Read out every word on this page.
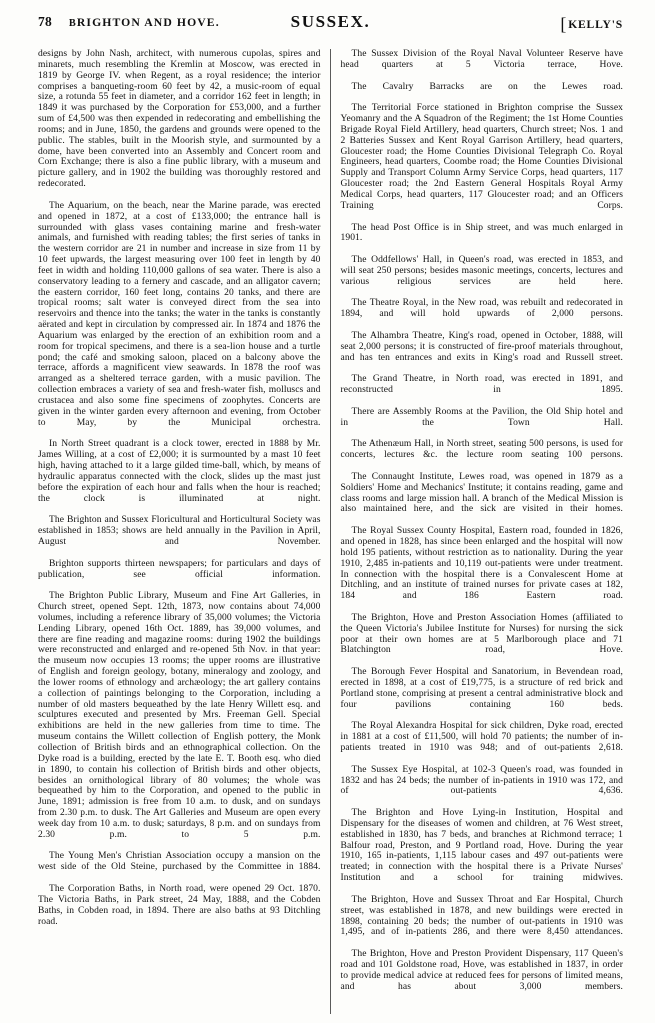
78 BRIGHTON AND HOVE.	SUSSEX.	[KELLY'S

designs by John Nash, architect, with numerous cupolas, spires and minarets, much resembling the Kremlin at Moscow, was erected in 1819 by George IV. when Regent, as a royal residence; the interior comprises a banqueting-room 60 feet by 42, a music-room of equal size, a rotunda 55 feet in diameter, and a corridor 162 feet in length; in 1849 it was purchased by the Corporation for £53,000, and a further sum of £4,500 was then expended in redecorating and embellishing the rooms; and in June, 1850, the gardens and grounds were opened to the public. The stables, built in the Moorish style, and surmounted by a dome, have been converted into an Assembly and Concert room and Corn Exchange; there is also a fine public library, with a museum and picture gallery, and in 1902 the building was thoroughly restored and redecorated.

The Aquarium, on the beach, near the Marine parade, was erected and opened in 1872, at a cost of £133,000; the entrance hall is surrounded with glass vases containing marine and fresh-water animals, and furnished with reading tables; the first series of tanks in the western corridor are 21 in number and increase in size from 11 by 10 feet upwards, the largest measuring over 100 feet in length by 40 feet in width and holding 110,000 gallons of sea water. There is also a conservatory leading to a fernery and cascade, and an alligator cavern; the eastern corridor, 160 feet long, contains 20 tanks, and there are tropical rooms; salt water is conveyed direct from the sea into reservoirs and thence into the tanks; the water in the tanks is constantly aërated and kept in circulation by compressed air. In 1874 and 1876 the Aquarium was enlarged by the erection of an exhibition room and a room for tropical specimens, and there is a sea-lion house and a turtle pond; the café and smoking saloon, placed on a balcony above the terrace, affords a magnificent view seawards. In 1878 the roof was arranged as a sheltered terrace garden, with a music pavilion. The collection embraces a variety of sea and fresh-water fish, molluscs and crustacea and also some fine specimens of zoophytes. Concerts are given in the winter garden every afternoon and evening, from October to May, by the Municipal orchestra.

In North Street quadrant is a clock tower, erected in 1888 by Mr. James Willing, at a cost of £2,000; it is surmounted by a mast 10 feet high, having attached to it a large gilded time-ball, which, by means of hydraulic apparatus connected with the clock, slides up the mast just before the expiration of each hour and falls when the hour is reached; the clock is illuminated at night.

The Brighton and Sussex Floricultural and Horticultural Society was established in 1853; shows are held annually in the Pavilion in April, August and November.

Brighton supports thirteen newspapers; for particulars and days of publication, see official information.

The Brighton Public Library, Museum and Fine Art Galleries, in Church street, opened Sept. 12th, 1873, now contains about 74,000 volumes, including a reference library of 35,000 volumes; the Victoria Lending Library, opened 16th Oct. 1889, has 39,000 volumes, and there are fine reading and magazine rooms: during 1902 the buildings were reconstructed and enlarged and re-opened 5th Nov. in that year: the museum now occupies 13 rooms; the upper rooms are illustrative of English and foreign geology, botany, mineralogy and zoology, and the lower rooms of ethnology and archæology; the art gallery contains a collection of paintings belonging to the Corporation, including a number of old masters bequeathed by the late Henry Willett esq. and sculptures executed and presented by Mrs. Freeman Gell. Special exhibitions are held in the new galleries from time to time. The museum contains the Willett collection of English pottery, the Monk collection of British birds and an ethnographical collection. On the Dyke road is a building, erected by the late E. T. Booth esq. who died in 1890, to contain his collection of British birds and other objects, besides an ornithological library of 80 volumes; the whole was bequeathed by him to the Corporation, and opened to the public in June, 1891; admission is free from 10 a.m. to dusk, and on sundays from 2.30 p.m. to dusk. The Art Galleries and Museum are open every week day from 10 a.m. to dusk; saturdays, 8 p.m. and on sundays from 2.30 p.m. to 5 p.m.

The Young Men's Christian Association occupy a mansion on the west side of the Old Steine, purchased by the Committee in 1884.

The Corporation Baths, in North road, were opened 29 Oct. 1870. The Victoria Baths, in Park street, 24 May, 1888, and the Cobden Baths, in Cobden road, in 1894. There are also baths at 93 Ditchling road.

The Sussex Division of the Royal Naval Volunteer Reserve have head quarters at 5 Victoria terrace, Hove.

The Cavalry Barracks are on the Lewes road.

The Territorial Force stationed in Brighton comprise the Sussex Yeomanry and the A Squadron of the Regiment; the 1st Home Counties Brigade Royal Field Artillery, head quarters, Church street; Nos. 1 and 2 Batteries Sussex and Kent Royal Garrison Artillery, head quarters, Gloucester road; the Home Counties Divisional Telegraph Co. Royal Engineers, head quarters, Coombe road; the Home Counties Divisional Supply and Transport Column Army Service Corps, head quarters, 117 Gloucester road; the 2nd Eastern General Hospitals Royal Army Medical Corps, head quarters, 117 Gloucester road; and an Officers Training Corps.

The head Post Office is in Ship street, and was much enlarged in 1901.

The Oddfellows' Hall, in Queen's road, was erected in 1853, and will seat 250 persons; besides masonic meetings, concerts, lectures and various religious services are held here.

The Theatre Royal, in the New road, was rebuilt and redecorated in 1894, and will hold upwards of 2,000 persons.

The Alhambra Theatre, King's road, opened in October, 1888, will seat 2,000 persons; it is constructed of fire-proof materials throughout, and has ten entrances and exits in King's road and Russell street.

The Grand Theatre, in North road, was erected in 1891, and reconstructed in 1895.

There are Assembly Rooms at the Pavilion, the Old Ship hotel and in the Town Hall.

The Athenæum Hall, in North street, seating 500 persons, is used for concerts, lectures &c. the lecture room seating 100 persons.

The Connaught Institute, Lewes road, was opened in 1879 as a Soldiers' Home and Mechanics' Institute; it contains reading, game and class rooms and large mission hall. A branch of the Medical Mission is also maintained here, and the sick are visited in their homes.

The Royal Sussex County Hospital, Eastern road, founded in 1826, and opened in 1828, has since been enlarged and the hospital will now hold 195 patients, without restriction as to nationality. During the year 1910, 2,485 in-patients and 10,119 out-patients were under treatment. In connection with the hospital there is a Convalescent Home at Ditchling, and an institute of trained nurses for private cases at 182, 184 and 186 Eastern road.

The Brighton, Hove and Preston Association Homes (affiliated to the Queen Victoria's Jubilee Institute for Nurses) for nursing the sick poor at their own homes are at 5 Marlborough place and 71 Blatchington road, Hove.

The Borough Fever Hospital and Sanatorium, in Bevendean road, erected in 1898, at a cost of £19,775, is a structure of red brick and Portland stone, comprising at present a central administrative block and four pavilions containing 160 beds.

The Royal Alexandra Hospital for sick children, Dyke road, erected in 1881 at a cost of £11,500, will hold 70 patients; the number of in-patients treated in 1910 was 948; and of out-patients 2,618.

The Sussex Eye Hospital, at 102-3 Queen's road, was founded in 1832 and has 24 beds; the number of in-patients in 1910 was 172, and of out-patients 4,636.

The Brighton and Hove Lying-in Institution, Hospital and Dispensary for the diseases of women and children, at 76 West street, established in 1830, has 7 beds, and branches at Richmond terrace; 1 Balfour road, Preston, and 9 Portland road, Hove. During the year 1910, 165 in-patients, 1,115 labour cases and 497 out-patients were treated; in connection with the hospital there is a Private Nurses' Institution and a school for training midwives.

The Brighton, Hove and Sussex Throat and Ear Hospital, Church street, was established in 1878, and new buildings were erected in 1898, containing 20 beds; the number of out-patients in 1910 was 1,495, and of in-patients 286, and there were 8,450 attendances.

The Brighton, Hove and Preston Provident Dispensary, 117 Queen's road and 101 Goldstone road, Hove, was established in 1837, in order to provide medical advice at reduced fees for persons of limited means, and has about 3,000 members.
